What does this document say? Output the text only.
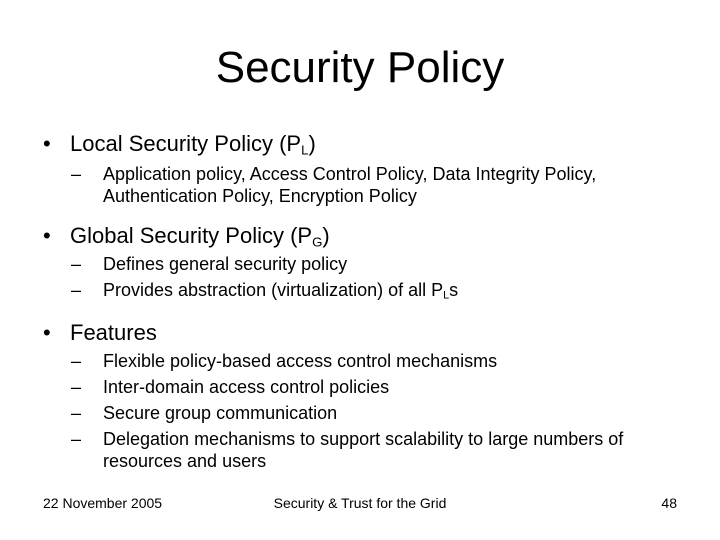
Security Policy
• Local Security Policy $(P_L)$
– Application policy, Access Control Policy, Data Integrity Policy, Authentication Policy, Encryption Policy
• Global Security Policy $(P_G)$
– Defines general security policy
– Provides abstraction (virtualization) of all $P_Ls$
• Features
– Flexible policy-based access control mechanisms
– Inter-domain access control policies
– Secure group communication
– Delegation mechanisms to support scalability to large numbers of resources and users
22 November 2005	Security & Trust for the Grid	48
